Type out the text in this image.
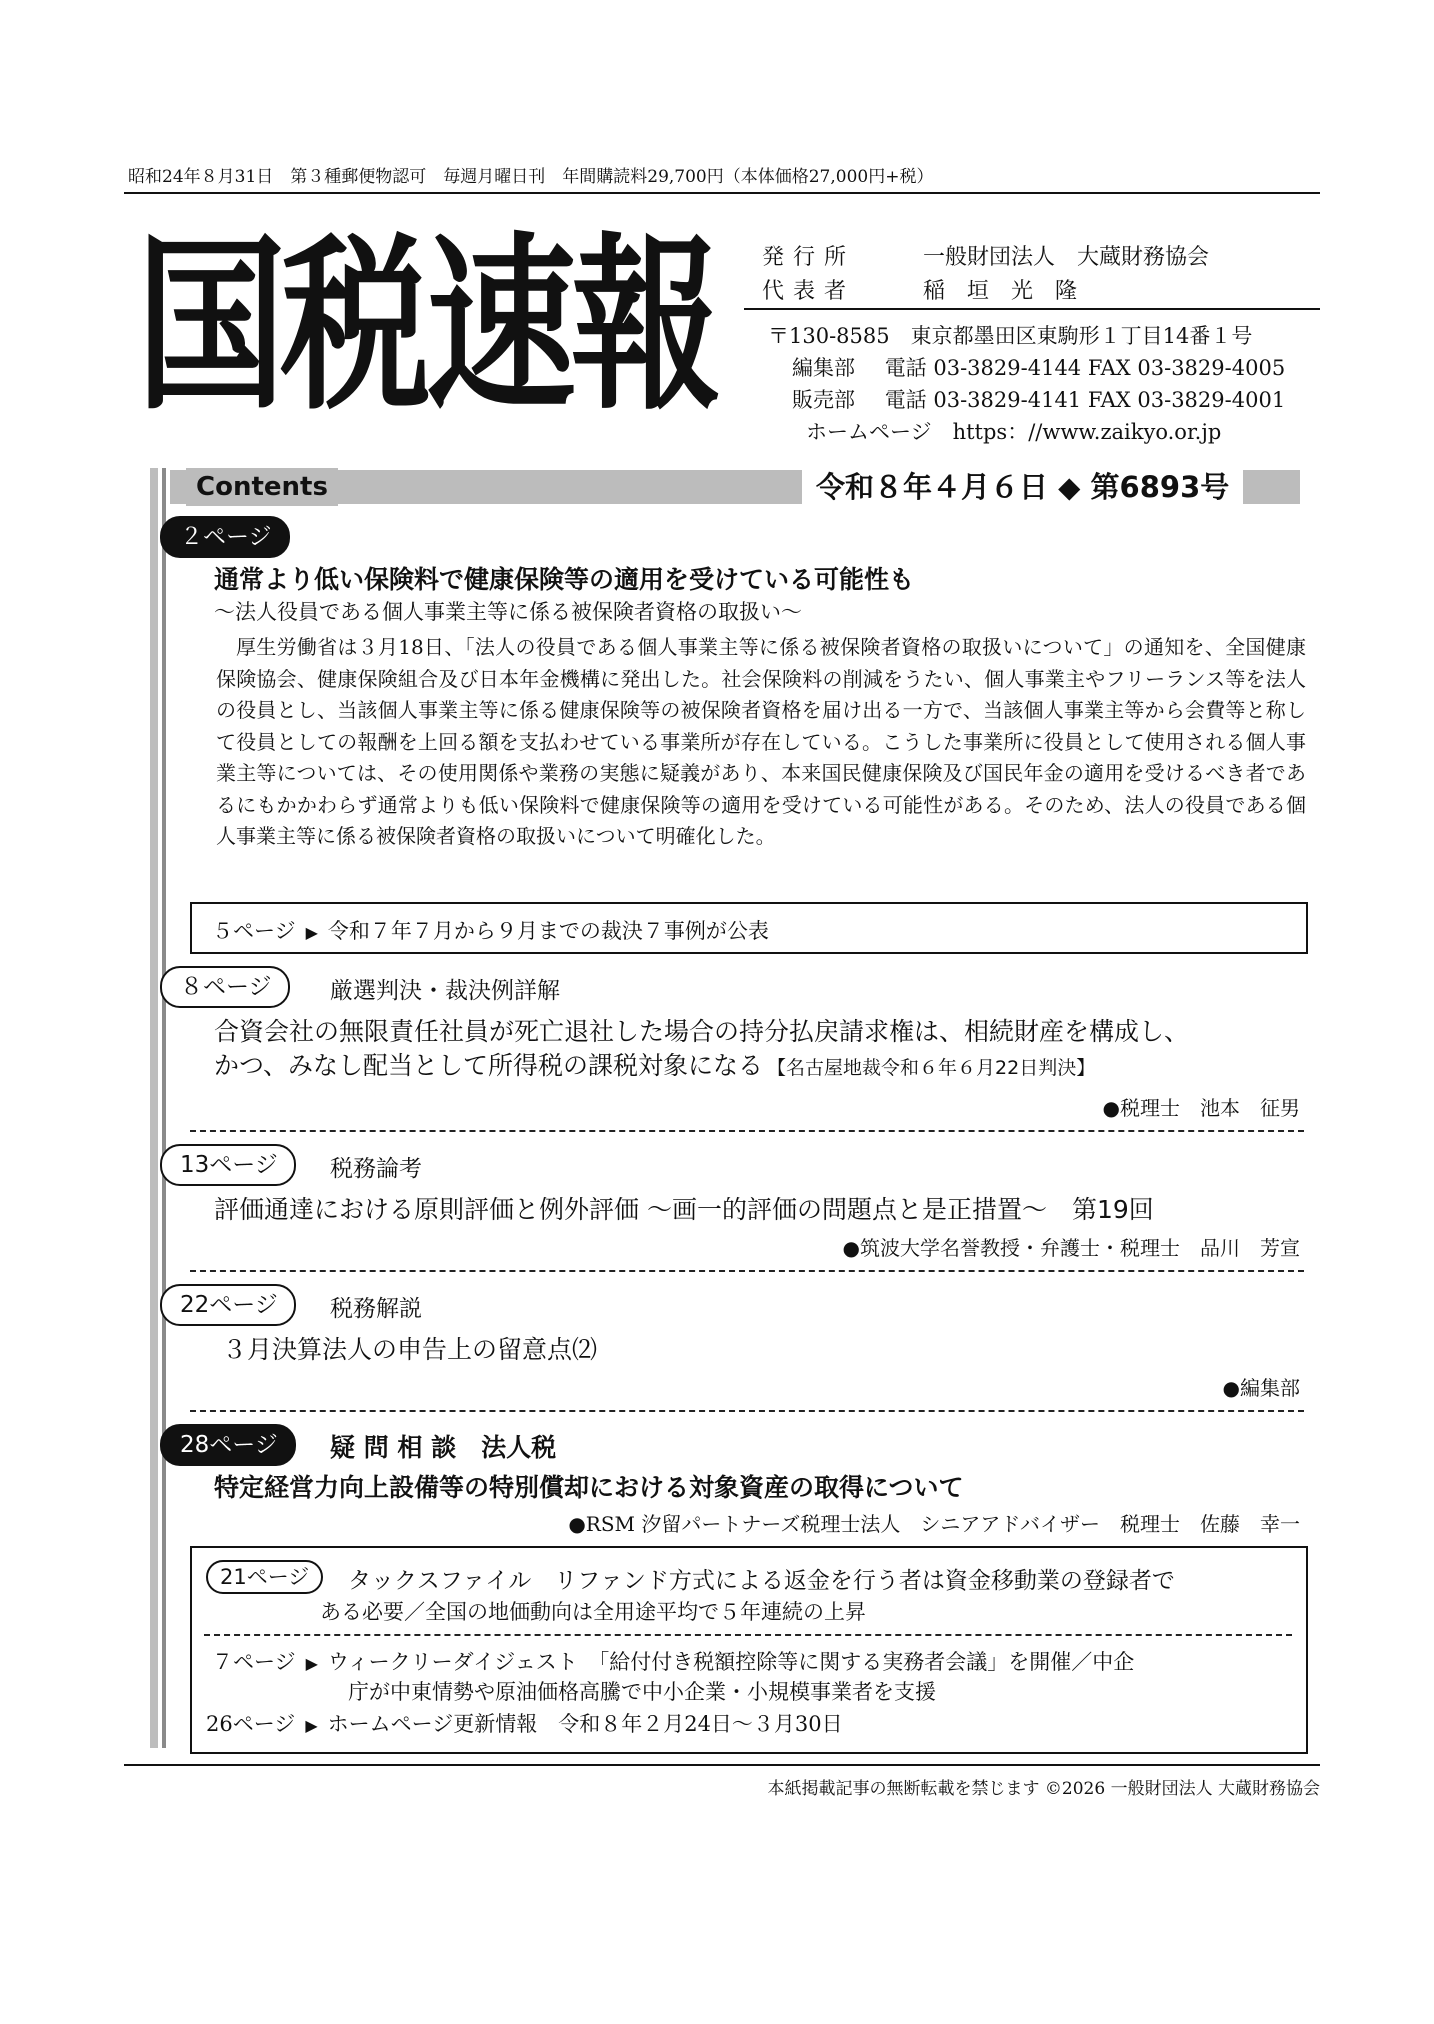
昭和24年８月31日　第３種郵便物認可　毎週月曜日刊　年間購読料29,700円（本体価格27,000円+税）
国
税
速
報 発行所	一般財団法人　大蔵財務協会
代表者	稲　垣　光　隆
〒130-8585　東京都墨田区東駒形１丁目14番１号
編集部 電話 03-3829-4144 FAX 03-3829-4005
販売部 電話 03-3829-4141 FAX 03-3829-4001
ホームページ　https：//www.zaikyo.or.jp
Contents	令和８年４月６日 ◆ 第6893号
２ページ
通常より低い保険料で健康保険等の適用を受けている可能性も
～法人役員である個人事業主等に係る被保険者資格の取扱い～
厚生労働省は３月18日、「法人の役員である個人事業主等に係る被保険者資格の取扱いについて」の通知を、全国健康保険協会、健康保険組合及び日本年金機構に発出した。社会保険料の削減をうたい、個人事業主やフリーランス等を法人の役員とし、当該個人事業主等に係る健康保険等の被保険者資格を届け出る一方で、当該個人事業主等から会費等と称して役員としての報酬を上回る額を支払わせている事業所が存在している。こうした事業所に役員として使用される個人事業主等については、その使用関係や業務の実態に疑義があり、本来国民健康保険及び国民年金の適用を受けるべき者であるにもかかわらず通常よりも低い保険料で健康保険等の適用を受けている可能性がある。そのため、法人の役員である個人事業主等に係る被保険者資格の取扱いについて明確化した。
５ページ ▶ 令和７年７月から９月までの裁決７事例が公表
８ページ	厳選判決・裁決例詳解
合資会社の無限責任社員が死亡退社した場合の持分払戻請求権は、相続財産を構成し、
かつ、みなし配当として所得税の課税対象になる 【名古屋地裁令和６年６月22日判決】
●税理士　池本　征男
13ページ	税務論考
評価通達における原則評価と例外評価 ～画一的評価の問題点と是正措置～　第19回
●筑波大学名誉教授・弁護士・税理士　品川　芳宣
22ページ	税務解説
３月決算法人の申告上の留意点⑵
●編集部
28ページ	疑 問 相 談　法人税
特定経営力向上設備等の特別償却における対象資産の取得について
●RSM 汐留パートナーズ税理士法人　シニアアドバイザー　税理士　佐藤　幸一
21ページ	タックスファイル　リファンド方式による返金を行う者は資金移動業の登録者で
ある必要／全国の地価動向は全用途平均で５年連続の上昇
７ページ ▶ ウィークリーダイジェスト　「給付付き税額控除等に関する実務者会議」を開催／中企
庁が中東情勢や原油価格高騰で中小企業・小規模事業者を支援
26ページ ▶ ホームページ更新情報　令和８年２月24日～３月30日
本紙掲載記事の無断転載を禁じます ©2026 一般財団法人 大蔵財務協会
